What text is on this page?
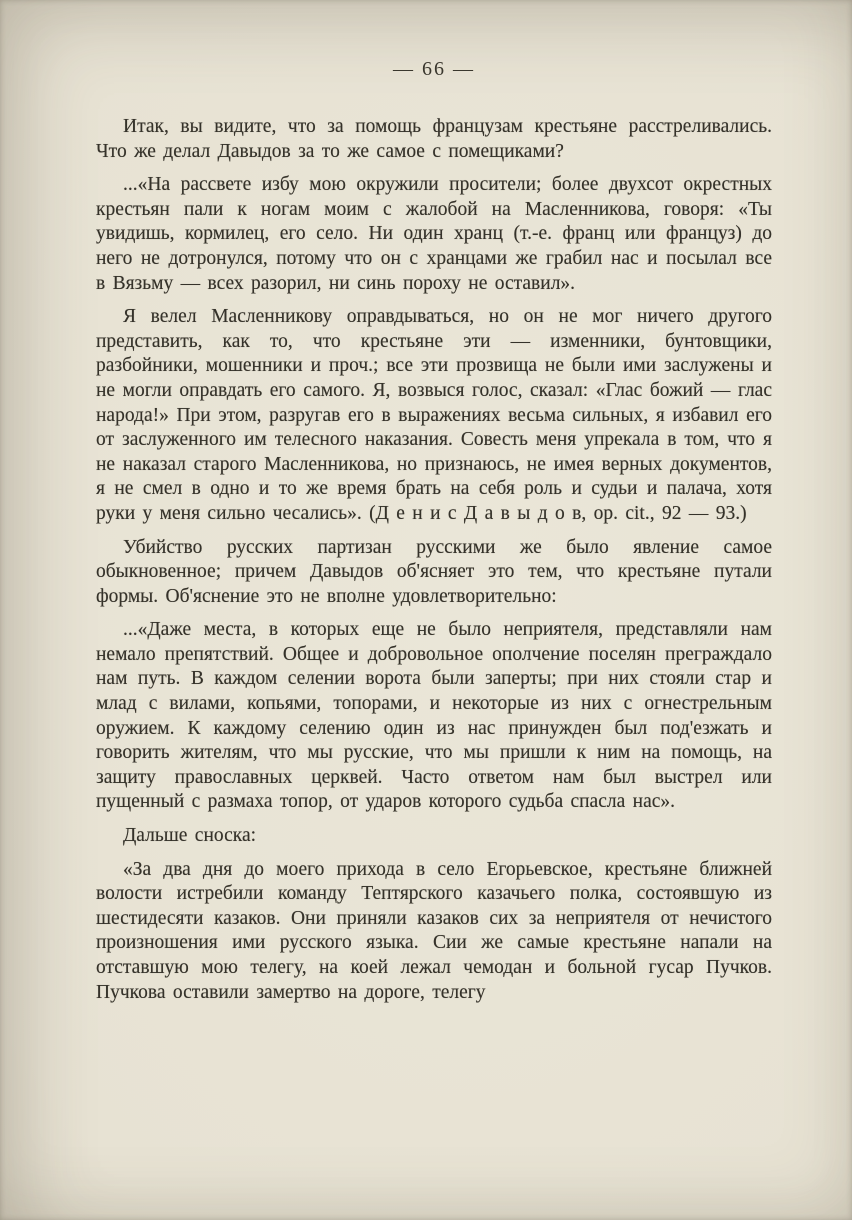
— 66 —

Итак, вы видите, что за помощь французам крестьяне расстреливались. Что же делал Давыдов за то же самое с помещиками?

...«На рассвете избу мою окружили просители; более двухсот окрестных крестьян пали к ногам моим с жалобой на Масленникова, говоря: «Ты увидишь, кормилец, его село. Ни один хранц (т.-е. франц или француз) до него не дотронулся, потому что он с хранцами же грабил нас и посылал все в Вязьму — всех разорил, ни синь пороху не оставил».

Я велел Масленникову оправдываться, но он не мог ничего другого представить, как то, что крестьяне эти — изменники, бунтовщики, разбойники, мошенники и проч.; все эти прозвища не были ими заслужены и не могли оправдать его самого. Я, возвыся голос, сказал: «Глас божий — глас народа!» При этом, разругав его в выражениях весьма сильных, я избавил его от заслуженного им телесного наказания. Совесть меня упрекала в том, что я не наказал старого Масленникова, но признаюсь, не имея верных документов, я не смел в одно и то же время брать на себя роль и судьи и палача, хотя руки у меня сильно чесались». (Д е н и с Д а в ы д о в, op. cit., 92 — 93.)

Убийство русских партизан русскими же было явление самое обыкновенное; причем Давыдов об'ясняет это тем, что крестьяне путали формы. Об'яснение это не вполне удовлетворительно:

...«Даже места, в которых еще не было неприятеля, представляли нам немало препятствий. Общее и добровольное ополчение поселян преграждало нам путь. В каждом селении ворота были заперты; при них стояли стар и млад с вилами, копьями, топорами, и некоторые из них с огнестрельным оружием. К каждому селению один из нас принужден был под'езжать и говорить жителям, что мы русские, что мы пришли к ним на помощь, на защиту православных церквей. Часто ответом нам был выстрел или пущенный с размаха топор, от ударов которого судьба спасла нас».

Дальше сноска:

«За два дня до моего прихода в село Егорьевское, крестьяне ближней волости истребили команду Тептярского казачьего полка, состоявшую из шестидесяти казаков. Они приняли казаков сих за неприятеля от нечистого произношения ими русского языка. Сии же самые крестьяне напали на отставшую мою телегу, на коей лежал чемодан и больной гусар Пучков. Пучкова оставили замертво на дороге, телегу
